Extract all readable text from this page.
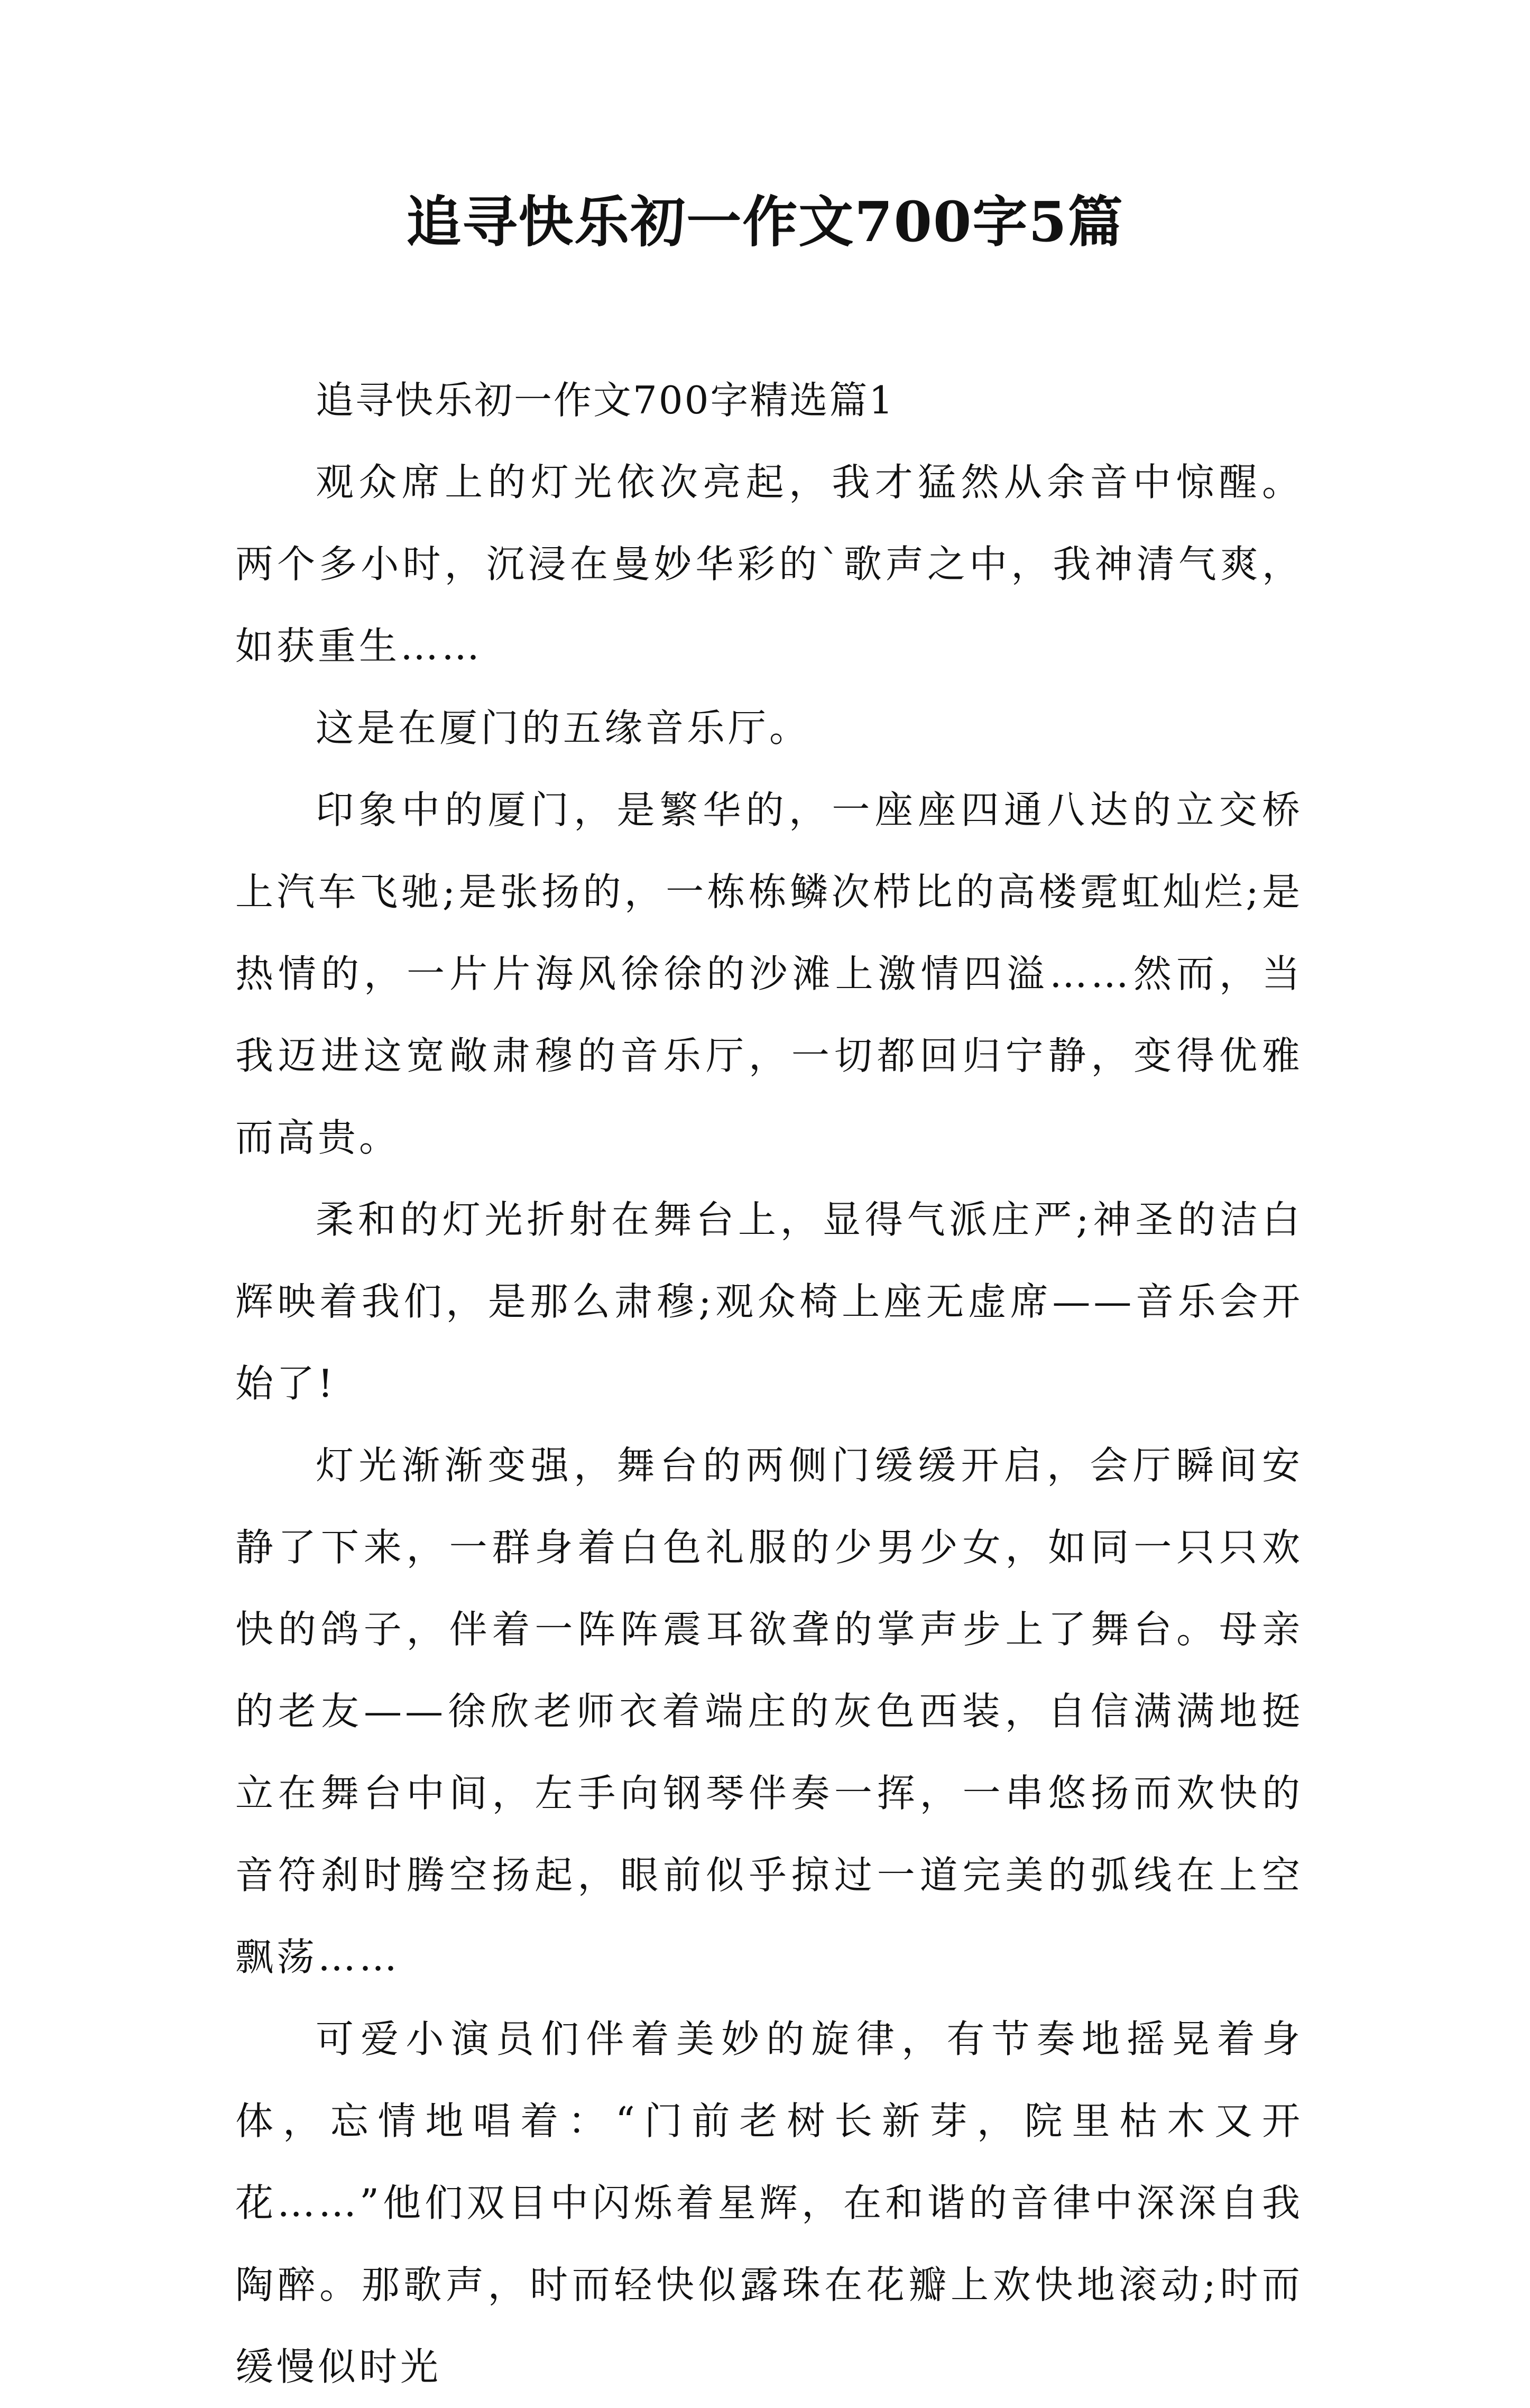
追寻快乐初一作文700字5篇

追寻快乐初一作文700字精选篇1

观众席上的灯光依次亮起，我才猛然从余音中惊醒。两个多小时，沉浸在曼妙华彩的`歌声之中，我神清气爽，如获重生……

这是在厦门的五缘音乐厅。

印象中的厦门，是繁华的，一座座四通八达的立交桥上汽车飞驰;是张扬的，一栋栋鳞次栉比的高楼霓虹灿烂;是热情的，一片片海风徐徐的沙滩上激情四溢……然而，当我迈进这宽敞肃穆的音乐厅，一切都回归宁静，变得优雅而高贵。

柔和的灯光折射在舞台上，显得气派庄严;神圣的洁白辉映着我们，是那么肃穆;观众椅上座无虚席——音乐会开始了!

灯光渐渐变强，舞台的两侧门缓缓开启，会厅瞬间安静了下来，一群身着白色礼服的少男少女，如同一只只欢快的鸽子，伴着一阵阵震耳欲聋的掌声步上了舞台。母亲的老友——徐欣老师衣着端庄的灰色西装，自信满满地挺立在舞台中间，左手向钢琴伴奏一挥，一串悠扬而欢快的音符刹时腾空扬起，眼前似乎掠过一道完美的弧线在上空飘荡……

可爱小演员们伴着美妙的旋律，有节奏地摇晃着身体，忘情地唱着：“门前老树长新芽，院里枯木又开花……”他们双目中闪烁着星辉，在和谐的音律中深深自我陶醉。那歌声，时而轻快似露珠在花瓣上欢快地滚动;时而缓慢似时光
